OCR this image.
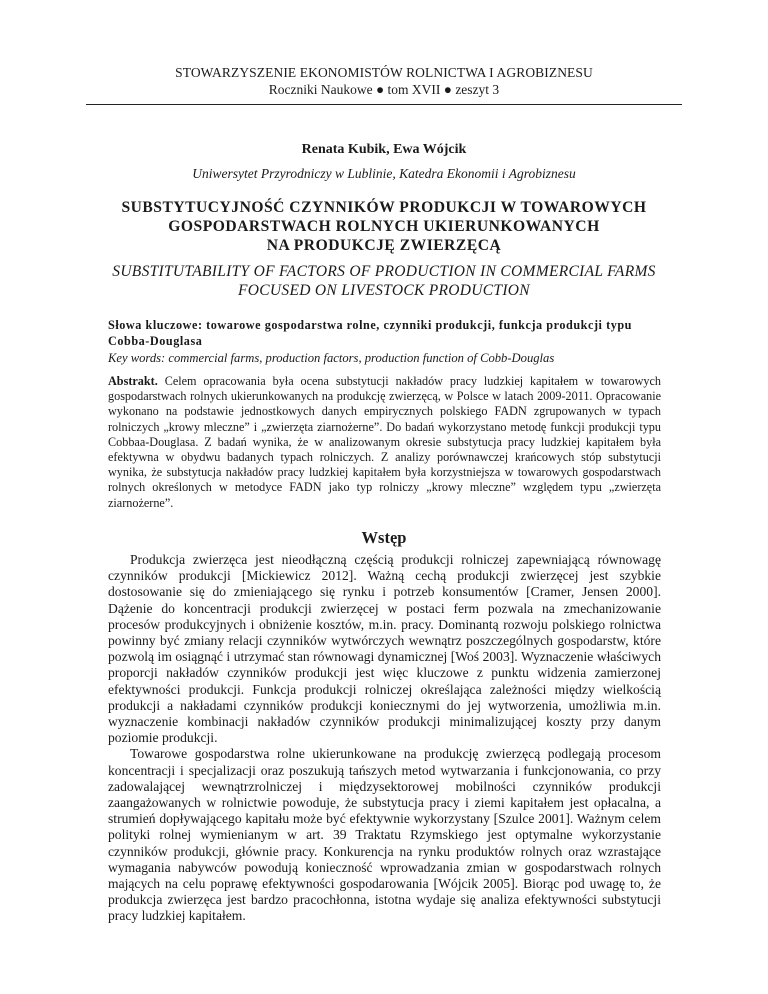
STOWARZYSZENIE EKONOMISTÓW ROLNICTWA I AGROBIZNESU
Roczniki Naukowe ● tom XVII ● zeszyt 3
Renata Kubik, Ewa Wójcik
Uniwersytet Przyrodniczy w Lublinie, Katedra Ekonomii i Agrobiznesu
SUBSTYTUCYJNOŚĆ CZYNNIKÓW PRODUKCJI W TOWAROWYCH
GOSPODARSTWACH ROLNYCH UKIERUNKOWANYCH
NA PRODUKCJĘ ZWIERZĘCĄ
SUBSTITUTABILITY OF FACTORS OF PRODUCTION IN COMMERCIAL FARMS
FOCUSED ON LIVESTOCK PRODUCTION
Słowa kluczowe: towarowe gospodarstwa rolne, czynniki produkcji, funkcja produkcji typu Cobba-Douglasa
Key words: commercial farms, production factors, production function of Cobb-Douglas
Abstrakt. Celem opracowania była ocena substytucji nakładów pracy ludzkiej kapitałem w towarowych gospodarstwach rolnych ukierunkowanych na produkcję zwierzęcą, w Polsce w latach 2009-2011. Opracowanie wykonano na podstawie jednostkowych danych empirycznych polskiego FADN zgrupowanych w typach rolniczych „krowy mleczne” i „zwierzęta ziarnożerne”. Do badań wykorzystano metodę funkcji produkcji typu Cobbaa-Douglasa. Z badań wynika, że w analizowanym okresie substytucja pracy ludzkiej kapitałem była efektywna w obydwu badanych typach rolniczych. Z analizy porównawczej krańcowych stóp substytucji wynika, że substytucja nakładów pracy ludzkiej kapitałem była korzystniejsza w towarowych gospodarstwach rolnych określonych w metodyce FADN jako typ rolniczy „krowy mleczne” względem typu „zwierzęta ziarnożerne”.
Wstęp

Produkcja zwierzęca jest nieodłączną częścią produkcji rolniczej zapewniającą równowagę czynników produkcji [Mickiewicz 2012]. Ważną cechą produkcji zwierzęcej jest szybkie dostosowanie się do zmieniającego się rynku i potrzeb konsumentów [Cramer, Jensen 2000]. Dążenie do koncentracji produkcji zwierzęcej w postaci ferm pozwala na zmechanizowanie procesów produkcyjnych i obniżenie kosztów, m.in. pracy. Dominantą rozwoju polskiego rolnictwa powinny być zmiany relacji czynników wytwórczych wewnątrz poszczególnych gospodarstw, które pozwolą im osiągnąć i utrzymać stan równowagi dynamicznej [Woś 2003]. Wyznaczenie właściwych proporcji nakładów czynników produkcji jest więc kluczowe z punktu widzenia zamierzonej efektywności produkcji. Funkcja produkcji rolniczej określająca zależności między wielkością produkcji a nakładami czynników produkcji koniecznymi do jej wytworzenia, umożliwia m.in. wyznaczenie kombinacji nakładów czynników produkcji minimalizującej koszty przy danym poziomie produkcji.

Towarowe gospodarstwa rolne ukierunkowane na produkcję zwierzęcą podlegają procesom koncentracji i specjalizacji oraz poszukują tańszych metod wytwarzania i funkcjonowania, co przy zadowalającej wewnątrzrolniczej i międzysektorowej mobilności czynników produkcji zaangażowanych w rolnictwie powoduje, że substytucja pracy i ziemi kapitałem jest opłacalna, a strumień dopływającego kapitału może być efektywnie wykorzystany [Szulce 2001]. Ważnym celem polityki rolnej wymienianym w art. 39 Traktatu Rzymskiego jest optymalne wykorzystanie czynników produkcji, głównie pracy. Konkurencja na rynku produktów rolnych oraz wzrastające wymagania nabywców powodują konieczność wprowadzania zmian w gospodarstwach rolnych mających na celu poprawę efektywności gospodarowania [Wójcik 2005]. Biorąc pod uwagę to, że produkcja zwierzęca jest bardzo pracochłonna, istotna wydaje się analiza efektywności substytucji pracy ludzkiej kapitałem.
